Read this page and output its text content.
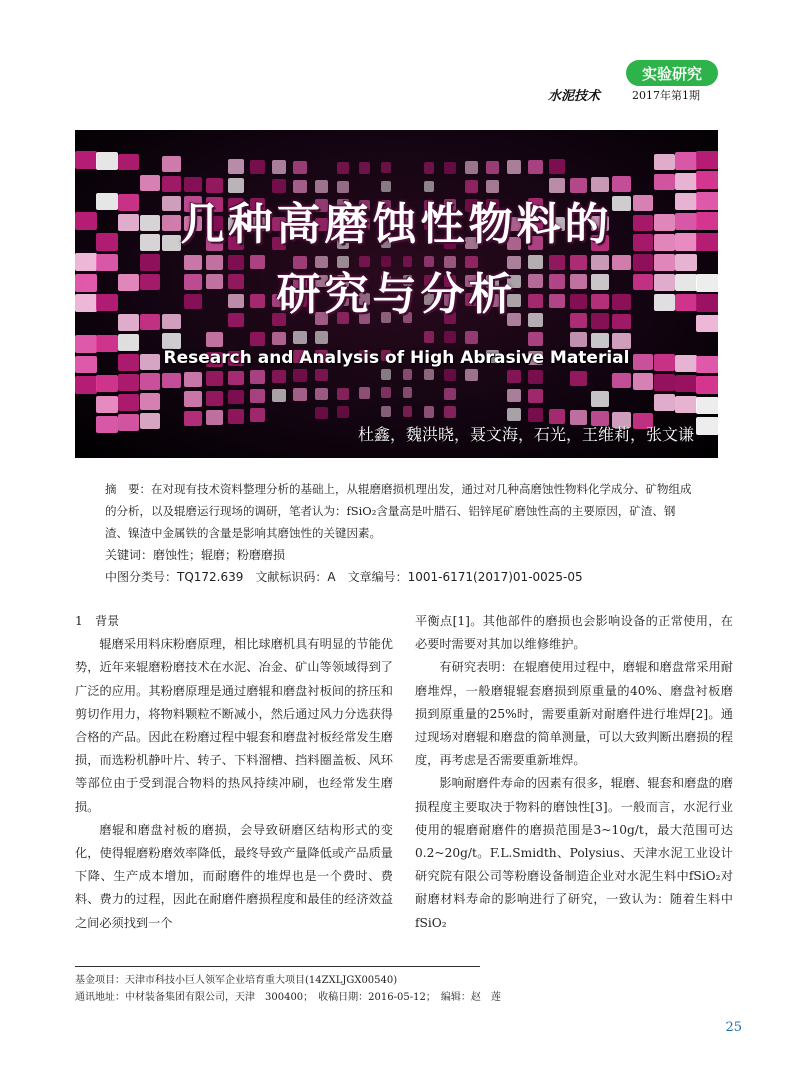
实验研究
水泥技术	2017年第1期
几种高磨蚀性物料的
研究与分析
Research and Analysis of High Abrasive Material
杜鑫，魏洪晓，聂文海，石光，王维莉，张文谦
摘　要：在对现有技术资料整理分析的基础上，从辊磨磨损机理出发，通过对几种高磨蚀性物料化学成分、矿物组成的分析，以及辊磨运行现场的调研，笔者认为：fSiO₂含量高是叶腊石、铝锌尾矿磨蚀性高的主要原因，矿渣、钢渣、镍渣中金属铁的含量是影响其磨蚀性的关键因素。
关键词：磨蚀性；辊磨；粉磨磨损
中图分类号：TQ172.639　文献标识码：A　文章编号：1001-6171(2017)01-0025-05

1　背景

辊磨采用料床粉磨原理，相比球磨机具有明显的节能优势，近年来辊磨粉磨技术在水泥、冶金、矿山等领域得到了广泛的应用。其粉磨原理是通过磨辊和磨盘衬板间的挤压和剪切作用力，将物料颗粒不断减小，然后通过风力分选获得合格的产品。因此在粉磨过程中辊套和磨盘衬板经常发生磨损，而选粉机静叶片、转子、下料溜槽、挡料圈盖板、风环等部位由于受到混合物料的热风持续冲刷，也经常发生磨损。

磨辊和磨盘衬板的磨损，会导致研磨区结构形式的变化，使得辊磨粉磨效率降低，最终导致产量降低或产品质量下降、生产成本增加，而耐磨件的堆焊也是一个费时、费料、费力的过程，因此在耐磨件磨损程度和最佳的经济效益之间必须找到一个

平衡点[1]。其他部件的磨损也会影响设备的正常使用，在必要时需要对其加以维修维护。

有研究表明：在辊磨使用过程中，磨辊和磨盘常采用耐磨堆焊，一般磨辊辊套磨损到原重量的40%、磨盘衬板磨损到原重量的25%时，需要重新对耐磨件进行堆焊[2]。通过现场对磨辊和磨盘的简单测量，可以大致判断出磨损的程度，再考虑是否需要重新堆焊。

影响耐磨件寿命的因素有很多，辊磨、辊套和磨盘的磨损程度主要取决于物料的磨蚀性[3]。一般而言，水泥行业使用的辊磨耐磨件的磨损范围是3~10g/t，最大范围可达0.2~20g/t。F.L.Smidth、Polysius、天津水泥工业设计研究院有限公司等粉磨设备制造企业对水泥生料中fSiO₂对耐磨材料寿命的影响进行了研究，一致认为：随着生料中fSiO₂

基金项目：天津市科技小巨人领军企业培育重大项目(14ZXLJGX00540)
通讯地址：中材装备集团有限公司，天津　300400；　收稿日期：2016-05-12；　编辑：赵　莲
25
